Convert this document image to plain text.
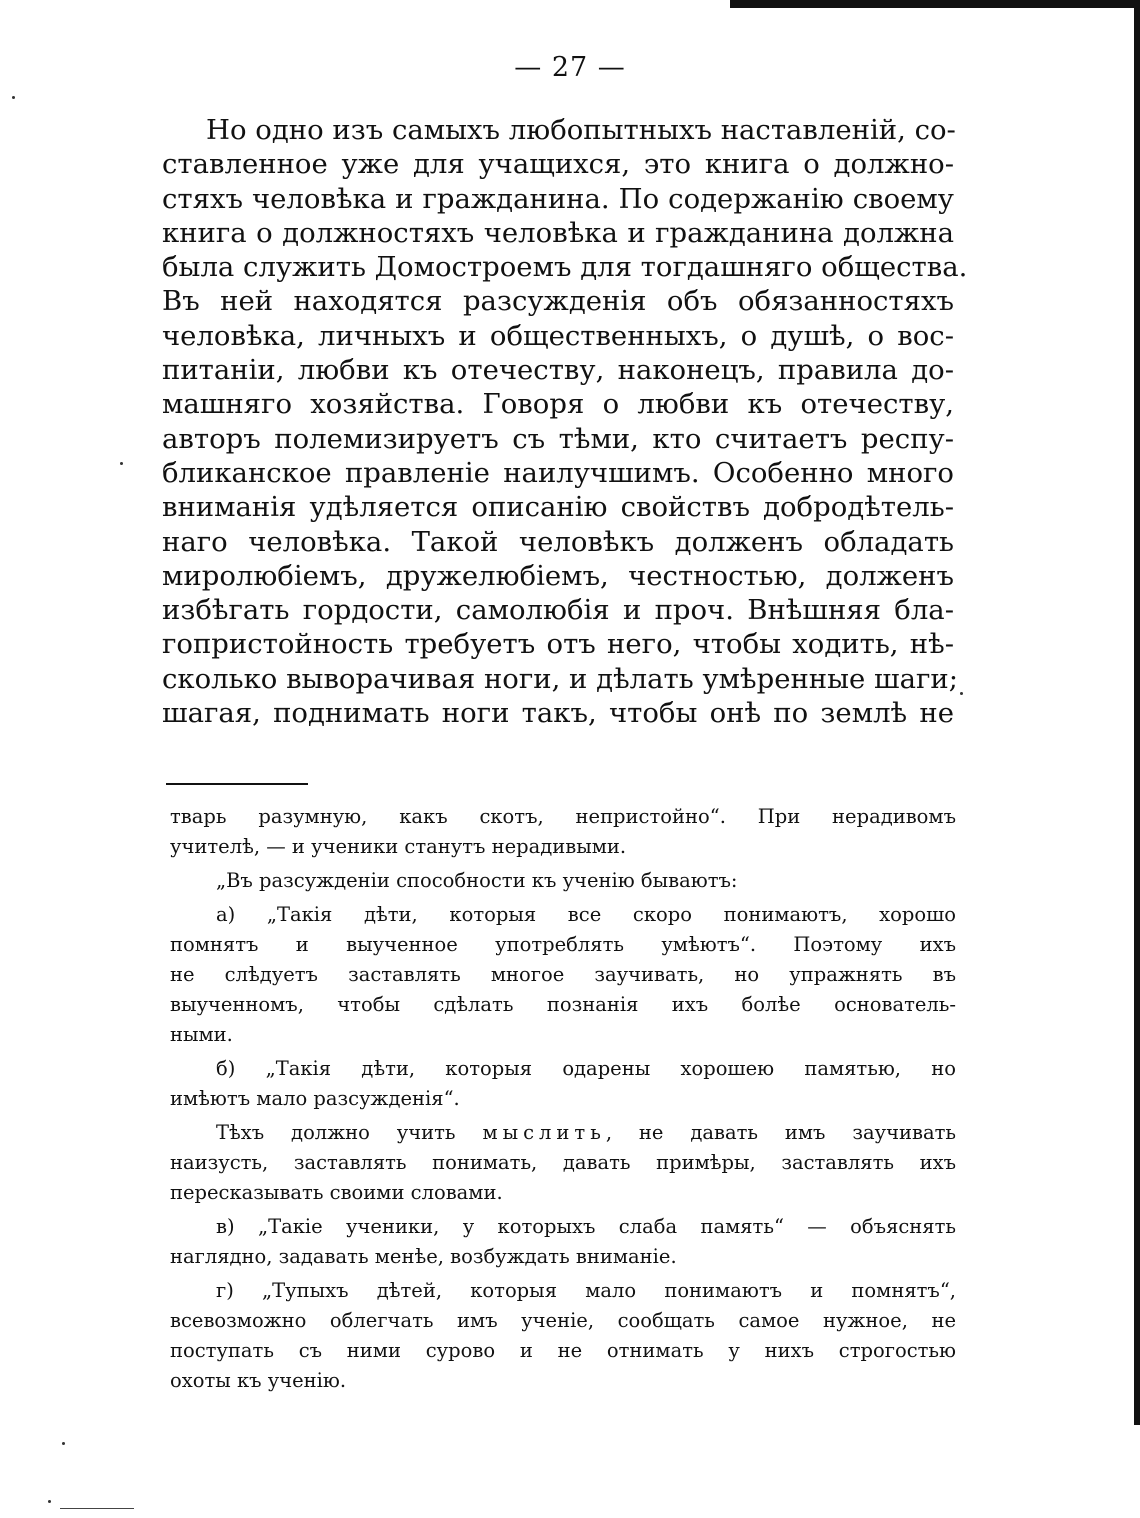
— 27 —
Но одно изъ самыхъ любопытныхъ наставленій, со-
ставленное уже для учащихся, это книга о должно-
стяхъ человѣка и гражданина. По содержанію своему
книга о должностяхъ человѣка и гражданина должна
была служить Домостроемъ для тогдашняго общества.
Въ ней находятся разсужденія объ обязанностяхъ
человѣка, личныхъ и общественныхъ, о душѣ, о вос-
питаніи, любви къ отечеству, наконецъ, правила до-
машняго хозяйства. Говоря о любви къ отечеству,
авторъ полемизируетъ съ тѣми, кто считаетъ респу-
бликанское правленіе наилучшимъ. Особенно много
вниманія удѣляется описанію свойствъ добродѣтель-
наго человѣка. Такой человѣкъ долженъ обладать
миролюбіемъ, дружелюбіемъ, честностью, долженъ
избѣгать гордости, самолюбія и проч. Внѣшняя бла-
гопристойность требуетъ отъ него, чтобы ходить, нѣ-
сколько выворачивая ноги, и дѣлать умѣренные шаги;
шагая, поднимать ноги такъ, чтобы онѣ по землѣ не
тварь разумную, какъ скотъ, непристойно“. При нерадивомъ
учителѣ, — и ученики станутъ нерадивыми.
„Въ разсужденіи способности къ ученію бываютъ:
а) „Такія дѣти, которыя все скоро понимаютъ, хорошо
помнятъ и выученное употреблять умѣютъ“. Поэтому ихъ
не слѣдуетъ заставлять многое заучивать, но упражнять въ
выученномъ, чтобы сдѣлать познанія ихъ болѣе основатель-
ными.
б) „Такія дѣти, которыя одарены хорошею памятью, но
имѣютъ мало разсужденія“.
Тѣхъ должно учить мыслить, не давать имъ заучивать
наизусть, заставлять понимать, давать примѣры, заставлять ихъ
пересказывать своими словами.
в) „Такіе ученики, у которыхъ слаба память“ — объяснять
наглядно, задавать менѣе, возбуждать вниманіе.
г) „Тупыхъ дѣтей, которыя мало понимаютъ и помнятъ“,
всевозможно облегчать имъ ученіе, сообщать самое нужное, не
поступать съ ними сурово и не отнимать у нихъ строгостью
охоты къ ученію.
